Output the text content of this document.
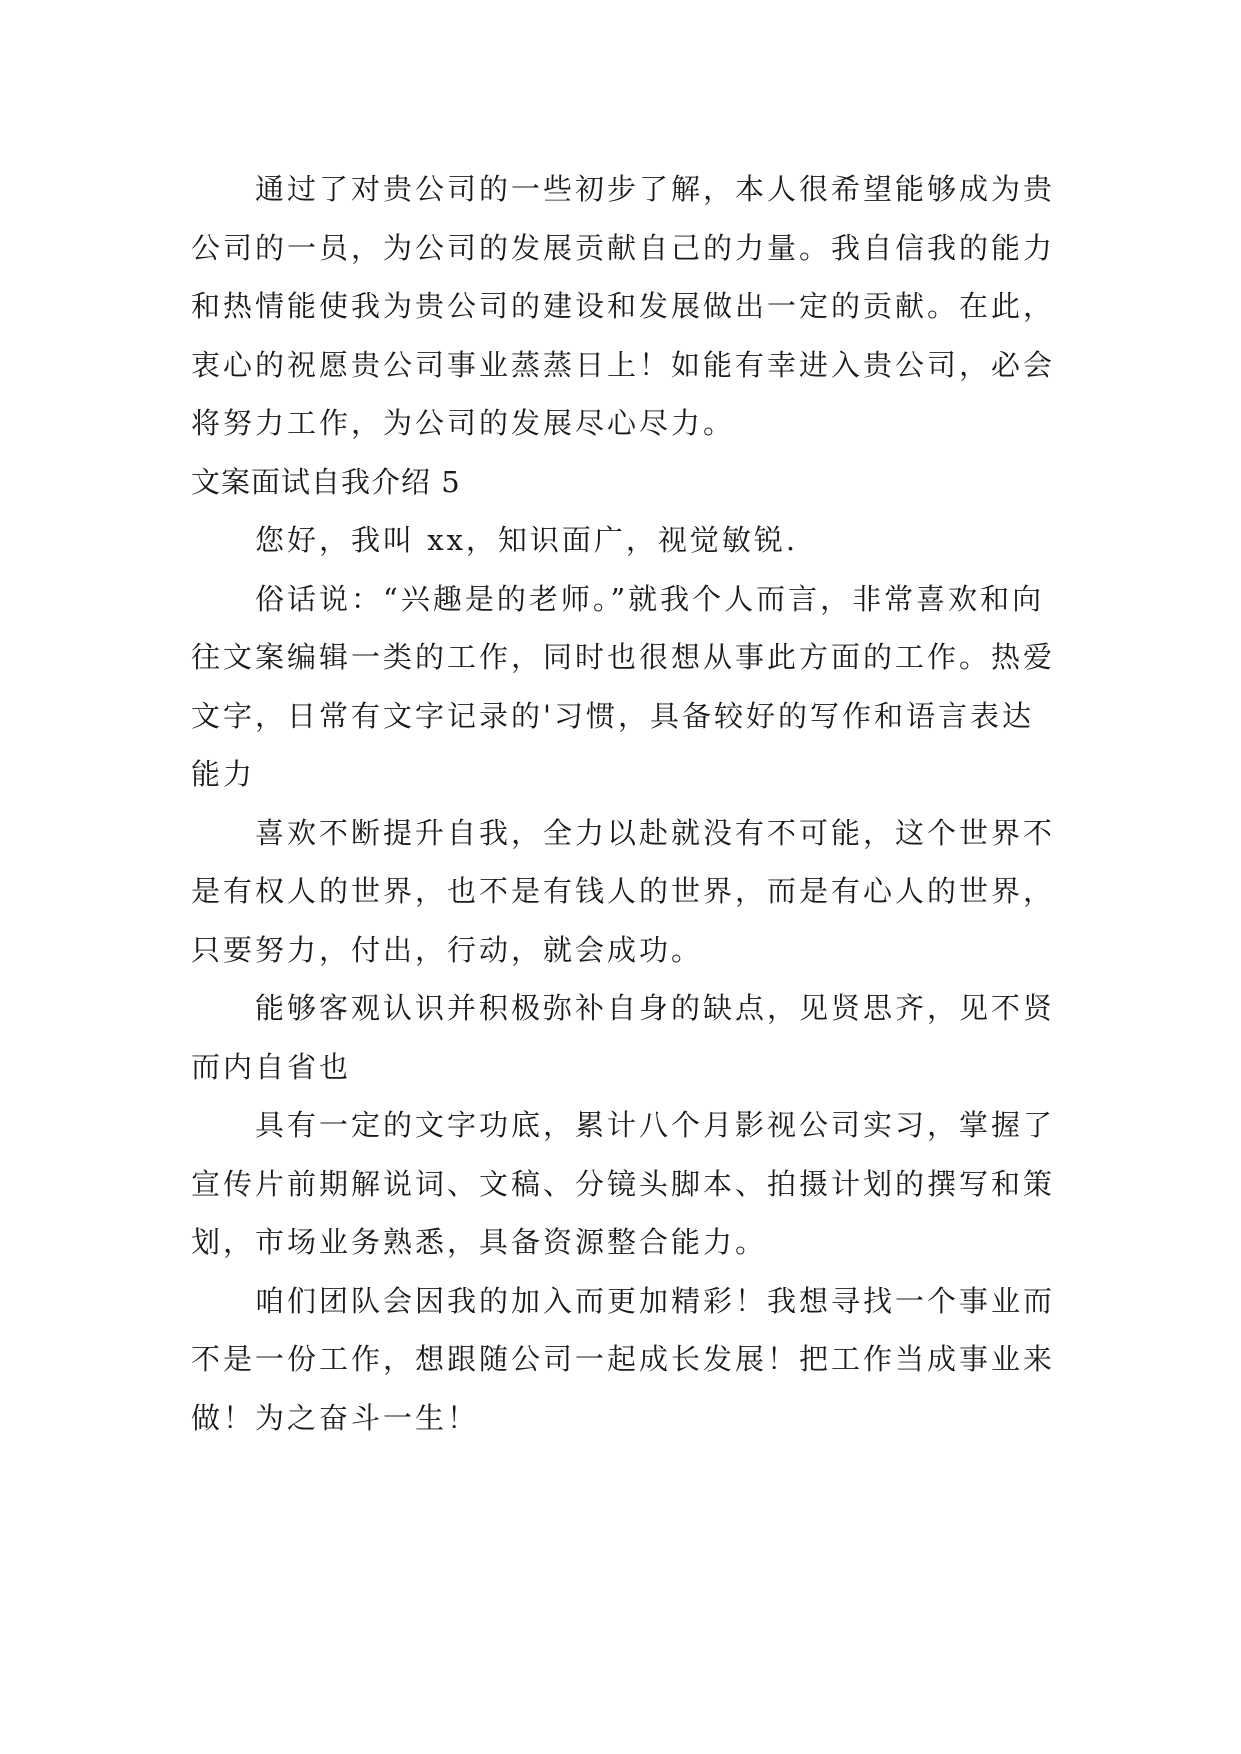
通过了对贵公司的一些初步了解，本人很希望能够成为贵公司的一员，为公司的发展贡献自己的力量。我自信我的能力和热情能使我为贵公司的建设和发展做出一定的贡献。在此，衷心的祝愿贵公司事业蒸蒸日上！如能有幸进入贵公司，必会将努力工作，为公司的发展尽心尽力。

文案面试自我介绍 5

您好，我叫 xx，知识面广，视觉敏锐.

俗话说：“兴趣是的老师。”就我个人而言，非常喜欢和向往文案编辑一类的工作，同时也很想从事此方面的工作。热爱文字，日常有文字记录的'习惯，具备较好的写作和语言表达能力

喜欢不断提升自我，全力以赴就没有不可能，这个世界不是有权人的世界，也不是有钱人的世界，而是有心人的世界，只要努力，付出，行动，就会成功。

能够客观认识并积极弥补自身的缺点，见贤思齐，见不贤而内自省也

具有一定的文字功底，累计八个月影视公司实习，掌握了宣传片前期解说词、文稿、分镜头脚本、拍摄计划的撰写和策划，市场业务熟悉，具备资源整合能力。

咱们团队会因我的加入而更加精彩！我想寻找一个事业而不是一份工作，想跟随公司一起成长发展！把工作当成事业来做！为之奋斗一生！
